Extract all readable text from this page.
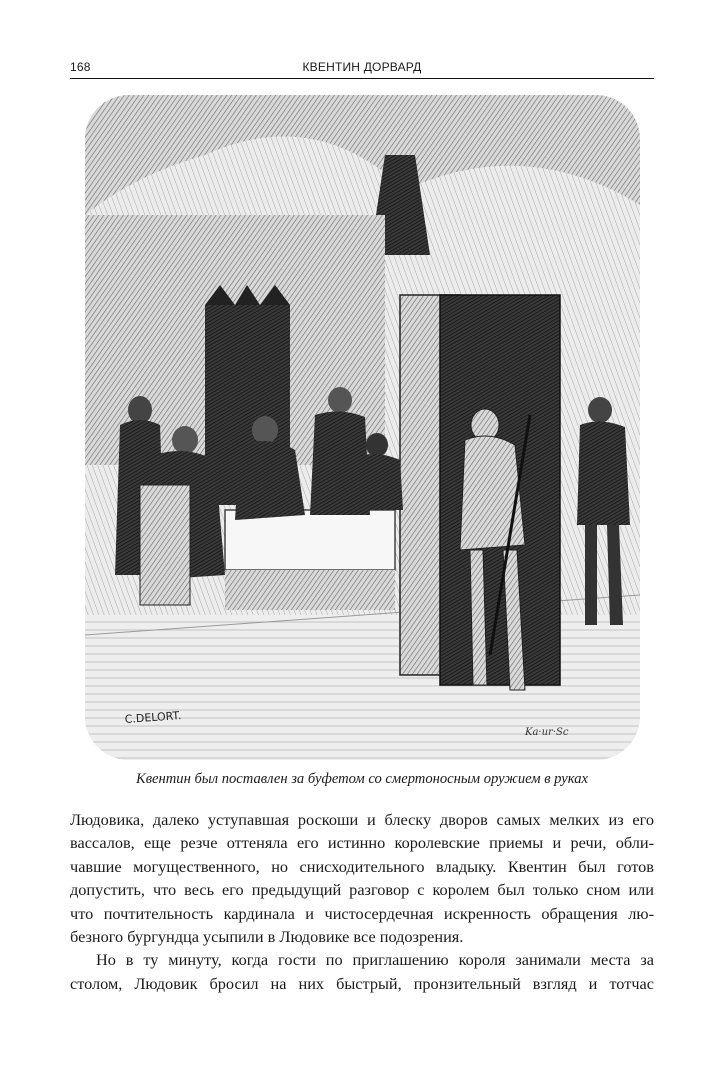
168	КВЕНТИН ДОРВАРД
C.DELORT.
Ka·ur·Sc
Квентин был поставлен за буфетом со смертоносным оружием в руках
Людовика, далеко уступавшая роскоши и блеску дворов самых мелких из его
вассалов, еще резче оттеняла его истинно королевские приемы и речи, обли-
чавшие могущественного, но снисходительного владыку. Квентин был готов
допустить, что весь его предыдущий разговор с королем был только сном или
что почтительность кардинала и чистосердечная искренность обращения лю-
безного бургундца усыпили в Людовике все подозрения.
Но в ту минуту, когда гости по приглашению короля занимали места за
столом, Людовик бросил на них быстрый, пронзительный взгляд и тотчас
